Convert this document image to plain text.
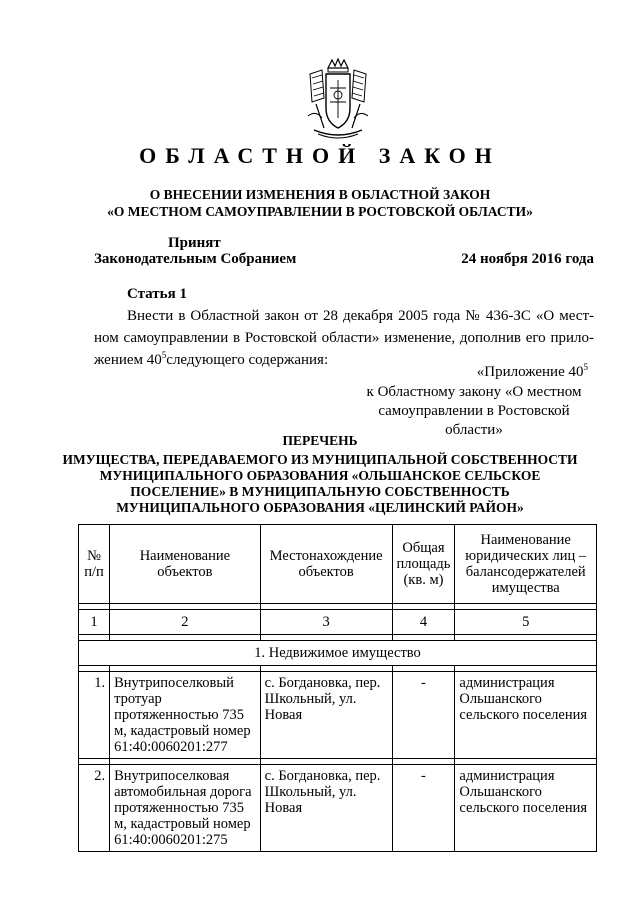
ОБЛАСТНОЙ ЗАКОН
О ВНЕСЕНИИ ИЗМЕНЕНИЯ В ОБЛАСТНОЙ ЗАКОН
«О МЕСТНОМ САМОУПРАВЛЕНИИ В РОСТОВСКОЙ ОБЛАСТИ»
Принят
Законодательным Собранием	24 ноября 2016 года
Статья 1
Внести в Областной закон от 28 декабря 2005 года № 436-ЗС «О мест-
ном самоуправлении в Ростовской области» изменение, дополнив его прило-
жением $40^5следующего$ содержания:
«Приложение $40^5$
к Областному закону «О местном
самоуправлении в Ростовской области»
ПЕРЕЧЕНЬ
ИМУЩЕСТВА, ПЕРЕДАВАЕМОГО ИЗ МУНИЦИПАЛЬНОЙ СОБСТВЕННОСТИ
МУНИЦИПАЛЬНОГО ОБРАЗОВАНИЯ «ОЛЬШАНСКОЕ СЕЛЬСКОЕ
ПОСЕЛЕНИЕ» В МУНИЦИПАЛЬНУЮ СОБСТВЕННОСТЬ
МУНИЦИПАЛЬНОГО ОБРАЗОВАНИЯ «ЦЕЛИНСКИЙ РАЙОН»
№ п/п	Наименование объектов	Местонахождение объектов	Общая площадь (кв. м)	Наименование юридических лиц – балансодержателей имущества

1	2	3	4	5

1. Недвижимое имущество				

1.	Внутрипоселковый тротуар протяженностью 735 м, кадастровый номер 61:40:0060201:277	с. Богдановка, пер. Школьный, ул. Новая	-	администрация Ольшанского сельского поселения

2.	Внутрипоселковая автомобильная дорога протяженностью 735 м, кадастровый номер 61:40:0060201:275	с. Богдановка, пер. Школьный, ул. Новая	-	администрация Ольшанского сельского поселения
